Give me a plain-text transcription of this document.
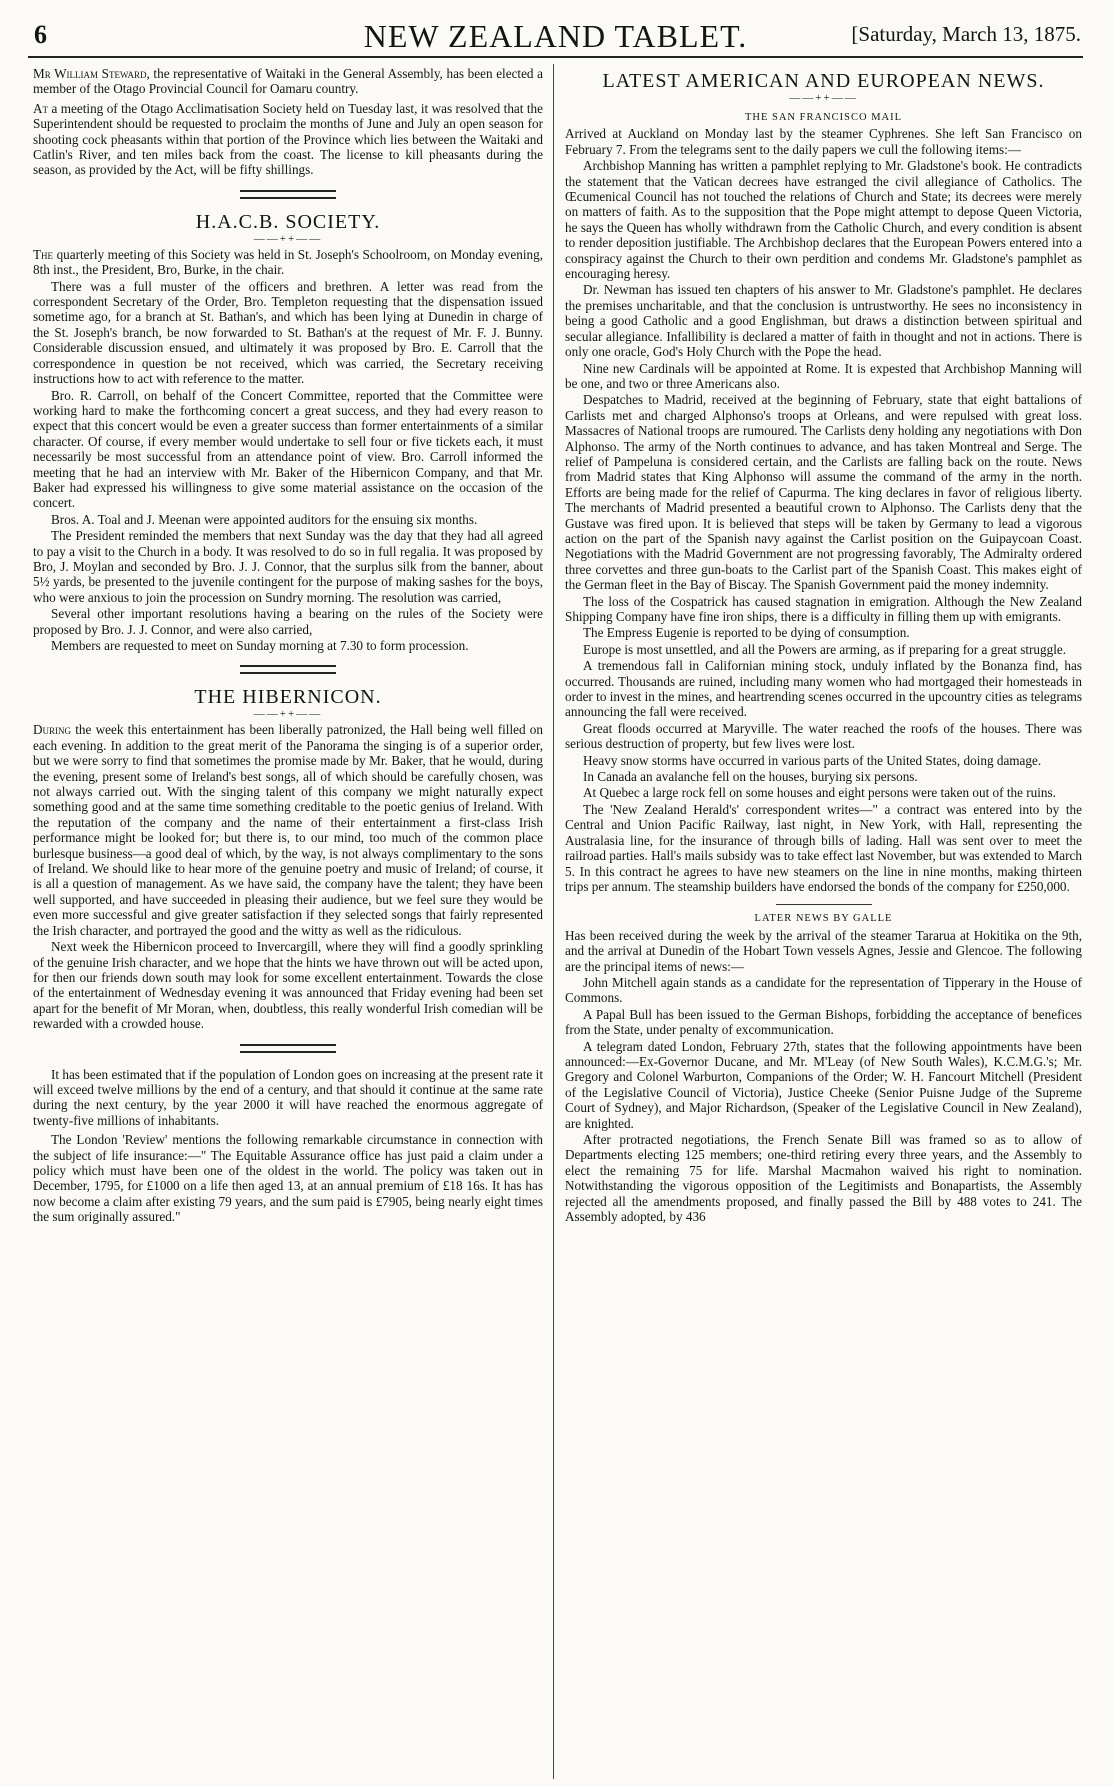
6	NEW ZEALAND TABLET.	[Saturday, March 13, 1875.

Mr William Steward, the representative of Waitaki in the General Assembly, has been elected a member of the Otago Provincial Council for Oamaru country.

At a meeting of the Otago Acclimatisation Society held on Tuesday last, it was resolved that the Superintendent should be requested to proclaim the months of June and July an open season for shooting cock pheasants within that portion of the Province which lies between the Waitaki and Catlin's River, and ten miles back from the coast. The license to kill pheasants during the season, as provided by the Act, will be fifty shillings.

H.A.C.B. SOCIETY.
——++——

The quarterly meeting of this Society was held in St. Joseph's Schoolroom, on Monday evening, 8th inst., the President, Bro, Burke, in the chair.

There was a full muster of the officers and brethren. A letter was read from the correspondent Secretary of the Order, Bro. Templeton requesting that the dispensation issued sometime ago, for a branch at St. Bathan's, and which has been lying at Dunedin in charge of the St. Joseph's branch, be now forwarded to St. Bathan's at the request of Mr. F. J. Bunny. Considerable discussion ensued, and ultimately it was proposed by Bro. E. Carroll that the correspondence in question be not received, which was carried, the Secretary receiving instructions how to act with reference to the matter.

Bro. R. Carroll, on behalf of the Concert Committee, reported that the Committee were working hard to make the forthcoming concert a great success, and they had every reason to expect that this concert would be even a greater success than former entertainments of a similar character. Of course, if every member would undertake to sell four or five tickets each, it must necessarily be most successful from an attendance point of view. Bro. Carroll informed the meeting that he had an interview with Mr. Baker of the Hibernicon Company, and that Mr. Baker had expressed his willingness to give some material assistance on the occasion of the concert.

Bros. A. Toal and J. Meenan were appointed auditors for the ensuing six months.

The President reminded the members that next Sunday was the day that they had all agreed to pay a visit to the Church in a body. It was resolved to do so in full regalia. It was proposed by Bro, J. Moylan and seconded by Bro. J. J. Connor, that the surplus silk from the banner, about 5½ yards, be presented to the juvenile contingent for the purpose of making sashes for the boys, who were anxious to join the procession on Sundry morning. The resolution was carried,

Several other important resolutions having a bearing on the rules of the Society were proposed by Bro. J. J. Connor, and were also carried,

Members are requested to meet on Sunday morning at 7.30 to form procession.

THE HIBERNICON.
——++——

During the week this entertainment has been liberally patronized, the Hall being well filled on each evening. In addition to the great merit of the Panorama the singing is of a superior order, but we were sorry to find that sometimes the promise made by Mr. Baker, that he would, during the evening, present some of Ireland's best songs, all of which should be carefully chosen, was not always carried out. With the singing talent of this company we might naturally expect something good and at the same time something creditable to the poetic genius of Ireland. With the reputation of the company and the name of their entertainment a first-class Irish performance might be looked for; but there is, to our mind, too much of the common place burlesque business—a good deal of which, by the way, is not always complimentary to the sons of Ireland. We should like to hear more of the genuine poetry and music of Ireland; of course, it is all a question of management. As we have said, the company have the talent; they have been well supported, and have succeeded in pleasing their audience, but we feel sure they would be even more successful and give greater satisfaction if they selected songs that fairly represented the Irish character, and portrayed the good and the witty as well as the ridiculous.

Next week the Hibernicon proceed to Invercargill, where they will find a goodly sprinkling of the genuine Irish character, and we hope that the hints we have thrown out will be acted upon, for then our friends down south may look for some excellent entertainment. Towards the close of the entertainment of Wednesday evening it was announced that Friday evening had been set apart for the benefit of Mr Moran, when, doubtless, this really wonderful Irish comedian will be rewarded with a crowded house.

It has been estimated that if the population of London goes on increasing at the present rate it will exceed twelve millions by the end of a century, and that should it continue at the same rate during the next century, by the year 2000 it will have reached the enormous aggregate of twenty-five millions of inhabitants.

The London 'Review' mentions the following remarkable circumstance in connection with the subject of life insurance:—" The Equitable Assurance office has just paid a claim under a policy which must have been one of the oldest in the world. The policy was taken out in December, 1795, for £1000 on a life then aged 13, at an annual premium of £18 16s. It has has now become a claim after existing 79 years, and the sum paid is £7905, being nearly eight times the sum originally assured."

LATEST AMERICAN AND EUROPEAN NEWS.
——++——
THE SAN FRANCISCO MAIL

Arrived at Auckland on Monday last by the steamer Cyphrenes. She left San Francisco on February 7. From the telegrams sent to the daily papers we cull the following items:—

Archbishop Manning has written a pamphlet replying to Mr. Gladstone's book. He contradicts the statement that the Vatican decrees have estranged the civil allegiance of Catholics. The Œcumenical Council has not touched the relations of Church and State; its decrees were merely on matters of faith. As to the supposition that the Pope might attempt to depose Queen Victoria, he says the Queen has wholly withdrawn from the Catholic Church, and every condition is absent to render deposition justifiable. The Archbishop declares that the European Powers entered into a conspiracy against the Church to their own perdition and condems Mr. Gladstone's pamphlet as encouraging heresy.

Dr. Newman has issued ten chapters of his answer to Mr. Gladstone's pamphlet. He declares the premises uncharitable, and that the conclusion is untrustworthy. He sees no inconsistency in being a good Catholic and a good Englishman, but draws a distinction between spiritual and secular allegiance. Infallibility is declared a matter of faith in thought and not in actions. There is only one oracle, God's Holy Church with the Pope the head.

Nine new Cardinals will be appointed at Rome. It is expested that Archbishop Manning will be one, and two or three Americans also.

Despatches to Madrid, received at the beginning of February, state that eight battalions of Carlists met and charged Alphonso's troops at Orleans, and were repulsed with great loss. Massacres of National troops are rumoured. The Carlists deny holding any negotiations with Don Alphonso. The army of the North continues to advance, and has taken Montreal and Serge. The relief of Pampeluna is considered certain, and the Carlists are falling back on the route. News from Madrid states that King Alphonso will assume the command of the army in the north. Efforts are being made for the relief of Capurma. The king declares in favor of religious liberty. The merchants of Madrid presented a beautiful crown to Alphonso. The Carlists deny that the Gustave was fired upon. It is believed that steps will be taken by Germany to lead a vigorous action on the part of the Spanish navy against the Carlist position on the Guipaycoan Coast. Negotiations with the Madrid Government are not progressing favorably, The Admiralty ordered three corvettes and three gun-boats to the Carlist part of the Spanish Coast. This makes eight of the German fleet in the Bay of Biscay. The Spanish Government paid the money indemnity.

The loss of the Cospatrick has caused stagnation in emigration. Although the New Zealand Shipping Company have fine iron ships, there is a difficulty in filling them up with emigrants.

The Empress Eugenie is reported to be dying of consumption.

Europe is most unsettled, and all the Powers are arming, as if preparing for a great struggle.

A tremendous fall in Californian mining stock, unduly inflated by the Bonanza find, has occurred. Thousands are ruined, including many women who had mortgaged their homesteads in order to invest in the mines, and heartrending scenes occurred in the upcountry cities as telegrams announcing the fall were received.

Great floods occurred at Maryville. The water reached the roofs of the houses. There was serious destruction of property, but few lives were lost.

Heavy snow storms have occurred in various parts of the United States, doing damage.

In Canada an avalanche fell on the houses, burying six persons.

At Quebec a large rock fell on some houses and eight persons were taken out of the ruins.

The 'New Zealand Herald's' correspondent writes—" a contract was entered into by the Central and Union Pacific Railway, last night, in New York, with Hall, representing the Australasia line, for the insurance of through bills of lading. Hall was sent over to meet the railroad parties. Hall's mails subsidy was to take effect last November, but was extended to March 5. In this contract he agrees to have new steamers on the line in nine months, making thirteen trips per annum. The steamship builders have endorsed the bonds of the company for £250,000.

LATER NEWS BY GALLE

Has been received during the week by the arrival of the steamer Tararua at Hokitika on the 9th, and the arrival at Dunedin of the Hobart Town vessels Agnes, Jessie and Glencoe. The following are the principal items of news:—

John Mitchell again stands as a candidate for the representation of Tipperary in the House of Commons.

A Papal Bull has been issued to the German Bishops, forbidding the acceptance of benefices from the State, under penalty of excommunication.

A telegram dated London, February 27th, states that the following appointments have been announced:—Ex-Governor Ducane, and Mr. M'Leay (of New South Wales), K.C.M.G.'s; Mr. Gregory and Colonel Warburton, Companions of the Order; W. H. Fancourt Mitchell (President of the Legislative Council of Victoria), Justice Cheeke (Senior Puisne Judge of the Supreme Court of Sydney), and Major Richardson, (Speaker of the Legislative Council in New Zealand), are knighted.

After protracted negotiations, the French Senate Bill was framed so as to allow of Departments electing 125 members; one-third retiring every three years, and the Assembly to elect the remaining 75 for life. Marshal Macmahon waived his right to nomination. Notwithstanding the vigorous opposition of the Legitimists and Bonapartists, the Assembly rejected all the amendments proposed, and finally passed the Bill by 488 votes to 241. The Assembly adopted, by 436
